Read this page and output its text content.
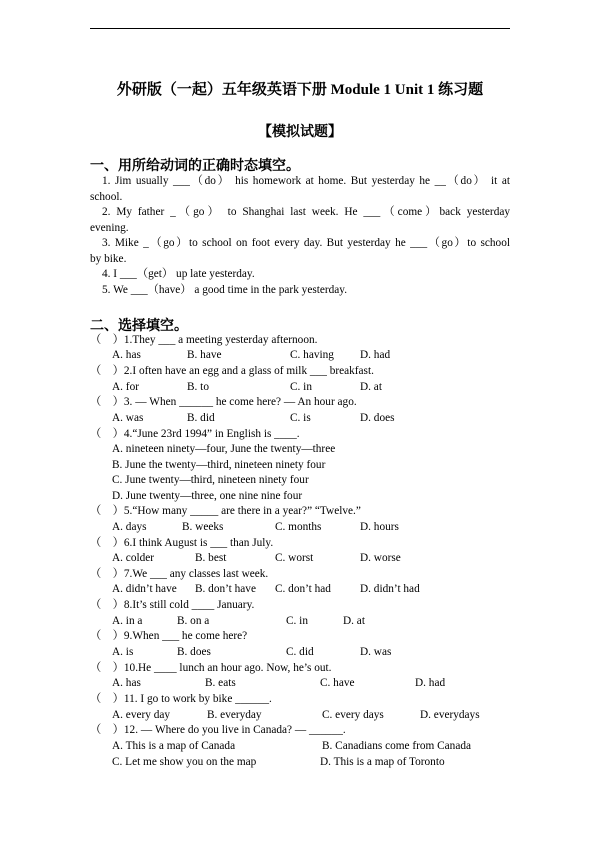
外研版（一起）五年级英语下册 Module 1 Unit 1 练习题
【模拟试题】
一、用所给动词的正确时态填空。
1. Jim usually ___（do） his homework at home. But yesterday he __（do） it at
school.
2. My father _（go） to Shanghai last week. He ___（come）back yesterday
evening.
3. Mike _（go）to school on foot every day. But yesterday he ___（go）to school
by bike.
4. I ___（get） up late yesterday.
5. We ___（have） a good time in the park yesterday.
二、选择填空。
（　）1.They ___ a meeting yesterday afternoon.
A. has	B. have	C. having D. had
（　）2.I often have an egg and a glass of milk ___ breakfast.
A. for	B. to	C. in	D. at
（　）3. — When ______ he come here? — An hour ago.
A. was	B. did	C. is	D. does
（　）4.“June 23rd 1994” in English is ____.
A. nineteen ninety—four, June the twenty—three
B. June the twenty—third, nineteen ninety four
C. June twenty—third, nineteen ninety four
D. June twenty—three, one nine nine four
（　）5.“How many _____ are there in a year?” “Twelve.”
A. days	B. weeks	C. months	D. hours
（　）6.I think August is ___ than July.
A. colder	B. best	C. worst	D. worse
（　）7.We ___ any classes last week.
A. didn’t have B. don’t have C. don’t had	D. didn’t had
（　）8.It’s still cold ____ January.
A. in a	B. on a	C. in	D. at
（　）9.When ___ he come here?
A. is	B. does	C. did	D. was
（　）10.He ____ lunch an hour ago. Now, he’s out.
A. has	B. eats	C. have	D. had
（　）11. I go to work by bike ______.
A. every day	B. everyday	C. every days	D. everydays
（　）12. — Where do you live in Canada? — ______.
A. This is a map of Canada	B. Canadians come from Canada
C. Let me show you on the map	D. This is a map of Toronto
